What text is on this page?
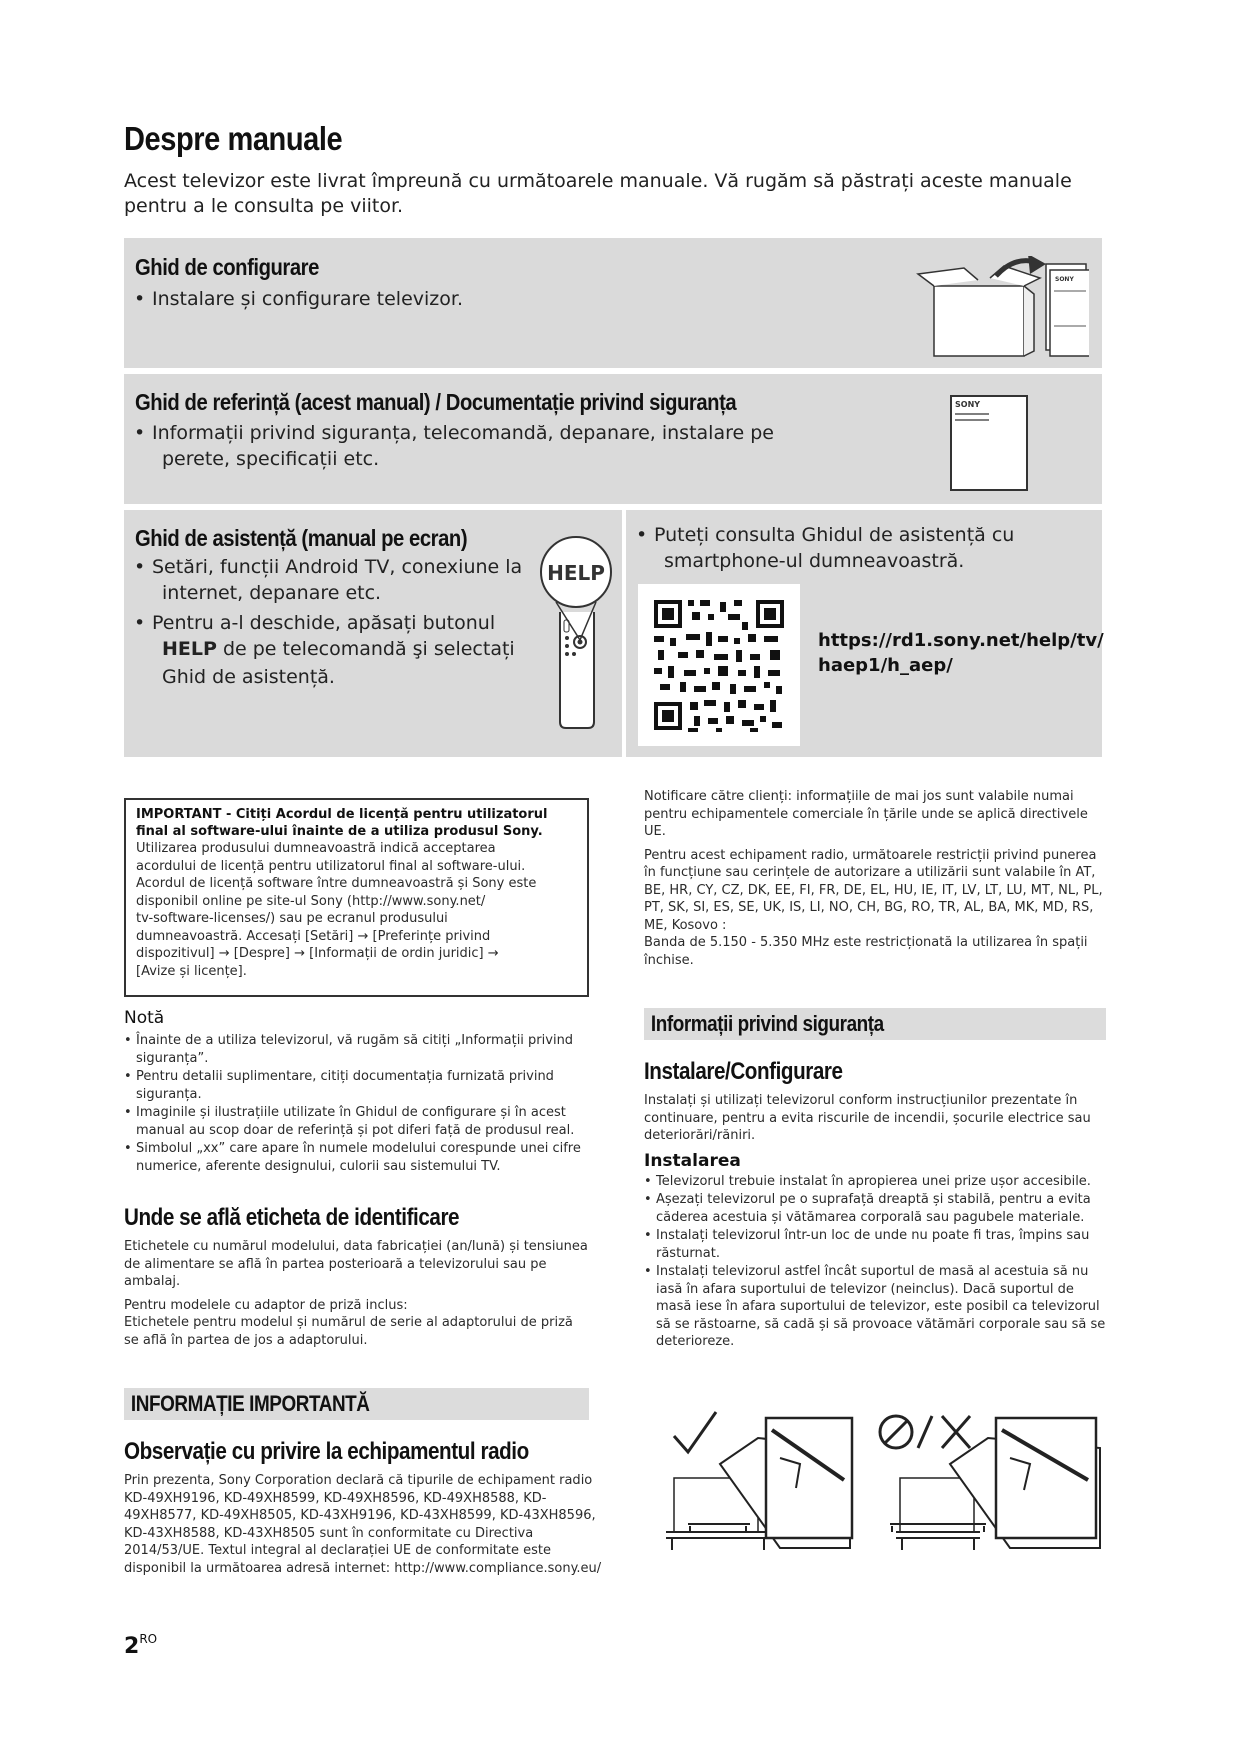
Despre manuale
Acest televizor este livrat împreună cu următoarele manuale. Vă rugăm să păstrați aceste manuale pentru a le consulta pe viitor.
Ghid de configurare
• Instalare și configurare televizor.
SONY
Ghid de referință (acest manual) / Documentație privind siguranța
• Informații privind siguranța, telecomandă, depanare, instalare pe
perete, specificații etc.
SONY
Ghid de asistență (manual pe ecran)
• Setări, funcții Android TV, conexiune la
internet, depanare etc.
• Pentru a-l deschide, apăsați butonul
HELP de pe telecomandă şi selectați
Ghid de asistență.
HELP
• Puteți consulta Ghidul de asistență cu
smartphone-ul dumneavoastră.
https://rd1.sony.net/help/tv/
haep1/h_aep/
IMPORTANT - Citiți Acordul de licență pentru utilizatorul
final al software-ului înainte de a utiliza produsul Sony.
Utilizarea produsului dumneavoastră indică acceptarea
acordului de licență pentru utilizatorul final al software-ului.
Acordul de licență software între dumneavoastră și Sony este
disponibil online pe site-ul Sony (http://www.sony.net/
tv-software-licenses/) sau pe ecranul produsului
dumneavoastră. Accesați [Setări] → [Preferințe privind
dispozitivul] → [Despre] → [Informații de ordin juridic] →
[Avize și licențe].
Notă
• Înainte de a utiliza televizorul, vă rugăm să citiți „Informații privind siguranța”.
• Pentru detalii suplimentare, citiți documentația furnizată privind siguranța.
• Imaginile și ilustrațiile utilizate în Ghidul de configurare și în acest manual au scop doar de referință și pot diferi față de produsul real.
• Simbolul „xx” care apare în numele modelului corespunde unei cifre numerice, aferente designului, culorii sau sistemului TV.
Unde se află eticheta de identificare
Etichetele cu numărul modelului, data fabricației (an/lună) și tensiunea de alimentare se află în partea posterioară a televizorului sau pe ambalaj.
Pentru modelele cu adaptor de priză inclus:
Etichetele pentru modelul și numărul de serie al adaptorului de priză se află în partea de jos a adaptorului.
INFORMAȚIE IMPORTANTĂ
Observație cu privire la echipamentul radio
Prin prezenta, Sony Corporation declară că tipurile de echipament radio KD-49XH9196, KD-49XH8599, KD-49XH8596, KD-49XH8588, KD-49XH8577, KD-49XH8505, KD-43XH9196, KD-43XH8599, KD-43XH8596, KD-43XH8588, KD-43XH8505 sunt în conformitate cu Directiva 2014/53/UE. Textul integral al declarației UE de conformitate este disponibil la următoarea adresă internet: http://www.compliance.sony.eu/
Notificare către clienți: informațiile de mai jos sunt valabile numai pentru echipamentele comerciale în țările unde se aplică directivele UE.
Pentru acest echipament radio, următoarele restricții privind punerea în funcțiune sau cerințele de autorizare a utilizării sunt valabile în AT, BE, HR, CY, CZ, DK, EE, FI, FR, DE, EL, HU, IE, IT, LV, LT, LU, MT, NL, PL, PT, SK, SI, ES, SE, UK, IS, LI, NO, CH, BG, RO, TR, AL, BA, MK, MD, RS, ME, Kosovo :
Banda de 5.150 - 5.350 MHz este restricționată la utilizarea în spații închise.
Informații privind siguranța
Instalare/Configurare
Instalați și utilizați televizorul conform instrucțiunilor prezentate în continuare, pentru a evita riscurile de incendii, șocurile electrice sau deteriorări/răniri.
Instalarea
• Televizorul trebuie instalat în apropierea unei prize ușor accesibile.
• Așezați televizorul pe o suprafață dreaptă și stabilă, pentru a evita căderea acestuia și vătămarea corporală sau pagubele materiale.
• Instalați televizorul într-un loc de unde nu poate fi tras, împins sau răsturnat.
• Instalați televizorul astfel încât suportul de masă al acestuia să nu iasă în afara suportului de televizor (neinclus). Dacă suportul de masă iese în afara suportului de televizor, este posibil ca televizorul să se răstoarne, să cadă și să provoace vătămări corporale sau să se deterioreze.
$2^{RO}$
